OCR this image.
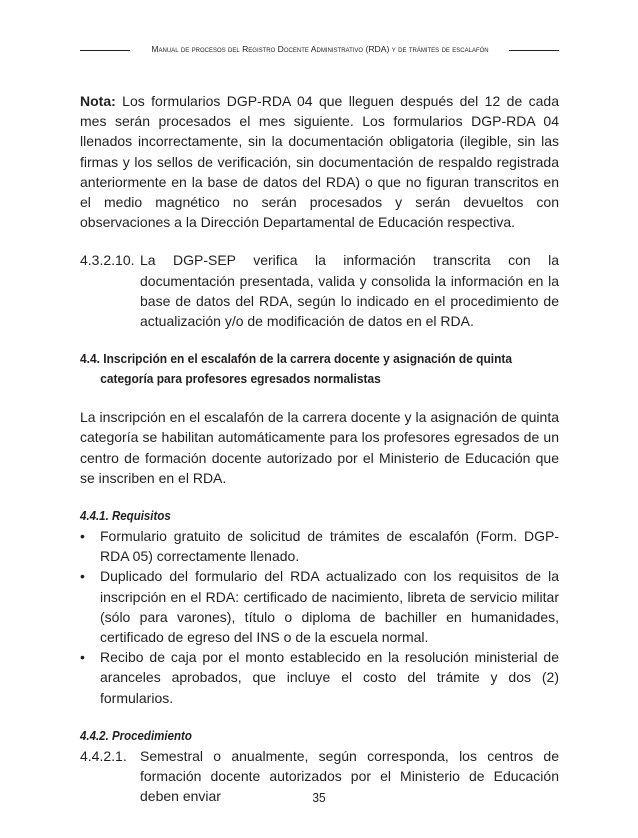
Manual de procesos del Registro Docente Administrativo (RDA) y de trámites de escalafón

Nota: Los formularios DGP-RDA 04 que lleguen después del 12 de cada mes serán procesados el mes siguiente. Los formularios DGP-RDA 04 llenados incorrectamente, sin la documentación obligatoria (ilegible, sin las firmas y los sellos de verificación, sin documentación de respaldo registrada anteriormente en la base de datos del RDA) o que no figuran transcritos en el medio magnético no serán procesados y serán devueltos con observaciones a la Dirección Departamental de Educación respectiva.

4.3.2.10. La DGP-SEP verifica la información transcrita con la documentación presentada, valida y consolida la información en la base de datos del RDA, según lo indicado en el procedimiento de actualización y/o de modificación de datos en el RDA.

4.4. Inscripción en el escalafón de la carrera docente y asignación de quinta
categoría para profesores egresados normalistas

La inscripción en el escalafón de la carrera docente y la asignación de quinta categoría se habilitan automáticamente para los profesores egresados de un centro de formación docente autorizado por el Ministerio de Educación que se inscriben en el RDA.

4.4.1. Requisitos
•	Formulario gratuito de solicitud de trámites de escalafón (Form. DGP-RDA 05) correctamente llenado.

•	Duplicado del formulario del RDA actualizado con los requisitos de la inscripción en el RDA: certificado de nacimiento, libreta de servicio militar (sólo para varones), título o diploma de bachiller en humanidades, certificado de egreso del INS o de la escuela normal.

•	Recibo de caja por el monto establecido en la resolución ministerial de aranceles aprobados, que incluye el costo del trámite y dos (2) formularios.

4.4.2. Procedimiento
4.4.2.1. Semestral o anualmente, según corresponda, los centros de formación docente autorizados por el Ministerio de Educación deben enviar	35
